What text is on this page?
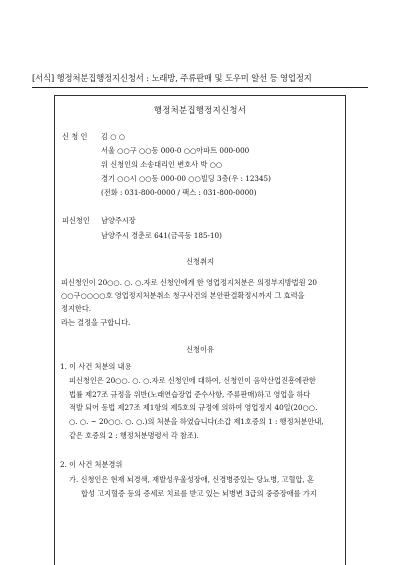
[서식] 행정처분집행정지신청서 : 노래방, 주류판매 및 도우미 알선 등 영업정지
행정처분집행정지신청서
신 청 인 김 ○ ○
서울 ○○구 ○○동 000-0 ○○아파트 000-000
위 신청인의 소송대리인 변호사 박 ○○
경기 ○○시 ○○동 000-00 ○○빌딩 3층(우 : 12345)
(전화 : 031-800-0000 / 팩스 : 031-800-0000)
피신청인 남양주시장
남양주시 경춘로 641(금곡동 185-10)
신청취지
피신청인이 20○○. ○. ○.자로 신청인에게 한 영업정지처분은 의정부지방법원 20
○○구○○○○호 영업정지처분취소 청구사건의 본안판결확정시까지 그 효력을
정지한다.
라는 결정을 구합니다.
신청이유
1. 이 사건 처분의 내용
피신청인은 20○○. ○. ○.자로 신청인에 대하여, 신청인이 음악산업진흥에관한
법률 제27조 규정을 위반(노래연습장업 준수사항, 주류판매)하고 영업을 하다
적발 되어 동법 제27조 제1항의 제5호의 규정에 의하여 영업정지 40일(20○○.
○. ○. ~ 20○○. ○. ○.)의 처분을 하였습니다(소갑 제1호증의 1 : 행정처분안내,
같은 호증의 2 : 행정처분명령서 각 참조).
2. 이 사건 처분경위
가. 신청인은 현재 뇌경색, 재발성우울성장애, 신경병증있는 당뇨병, 고혈압, 혼
합성 고지혈증 등의 증세로 치료를 받고 있는 뇌병변 3급의 중증장애를 가지
